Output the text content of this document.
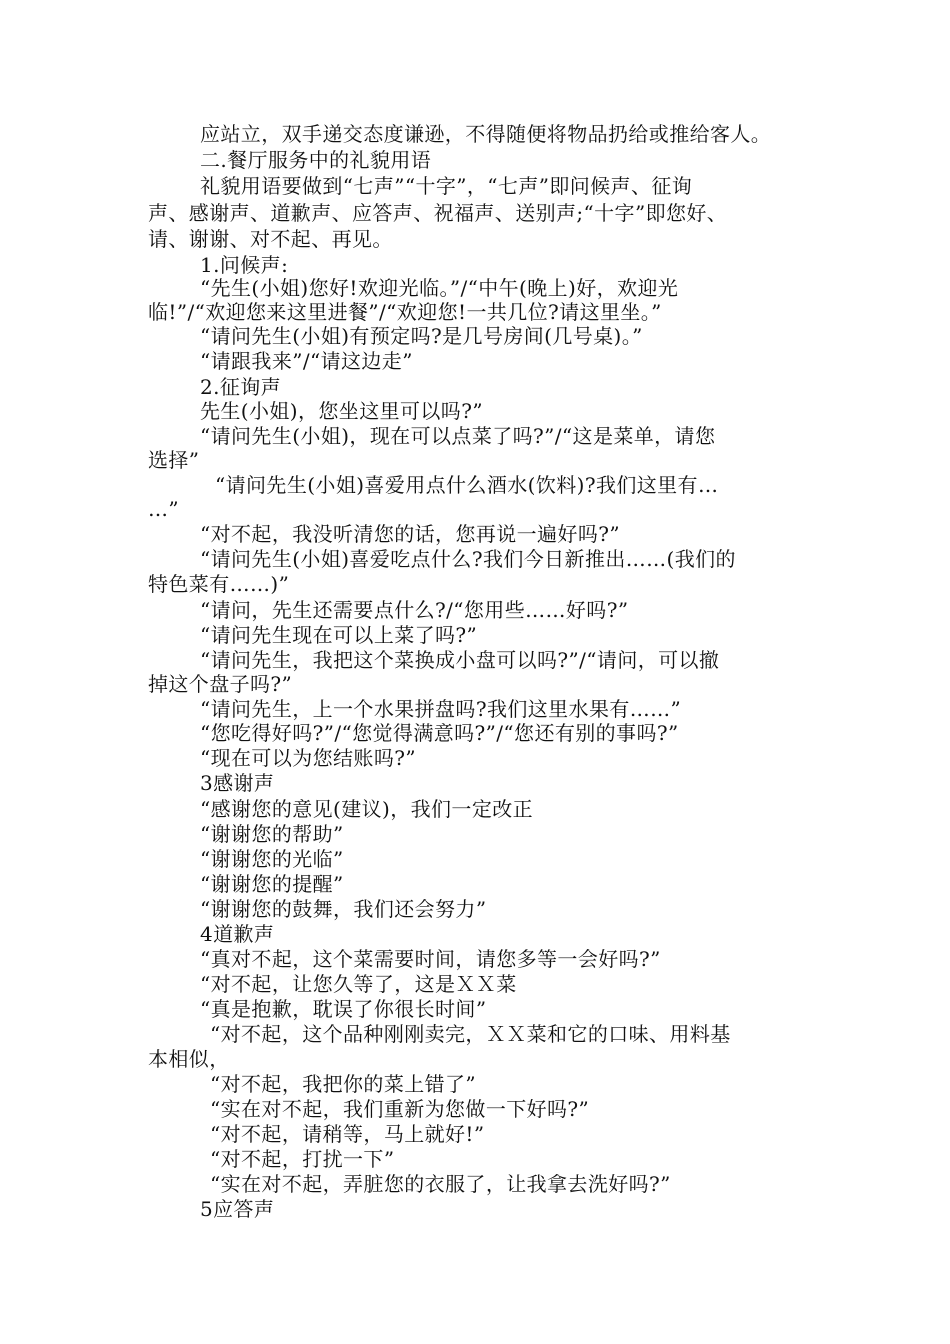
应站立，双手递交态度谦逊，不得随便将物品扔给或推给客人。
二.餐厅服务中的礼貌用语
礼貌用语要做到“七声”“十字”，“七声”即问候声、征询
声、感谢声、道歉声、应答声、祝福声、送别声;“十字”即您好、
请、谢谢、对不起、再见。
1.问候声:
“先生(小姐)您好!欢迎光临。”/“中午(晚上)好，欢迎光
临!”/“欢迎您来这里进餐”/“欢迎您!一共几位?请这里坐。”
“请问先生(小姐)有预定吗?是几号房间(几号桌)。”
“请跟我来”/“请这边走”
2.征询声
先生(小姐)，您坐这里可以吗?”
“请问先生(小姐)，现在可以点菜了吗?”/“这是菜单，请您
选择”
“请问先生(小姐)喜爱用点什么酒水(饮料)?我们这里有…
…”
“对不起，我没听清您的话，您再说一遍好吗?”
“请问先生(小姐)喜爱吃点什么?我们今日新推出……(我们的
特色菜有……)”
“请问，先生还需要点什么?/“您用些……好吗?”
“请问先生现在可以上菜了吗?”
“请问先生，我把这个菜换成小盘可以吗?”/“请问，可以撤
掉这个盘子吗?”
“请问先生，上一个水果拼盘吗?我们这里水果有……”
“您吃得好吗?”/“您觉得满意吗?”/“您还有别的事吗?”
“现在可以为您结账吗?”
3感谢声
“感谢您的意见(建议)，我们一定改正
“谢谢您的帮助”
“谢谢您的光临”
“谢谢您的提醒”
“谢谢您的鼓舞，我们还会努力”
4道歉声
“真对不起，这个菜需要时间，请您多等一会好吗?”
“对不起，让您久等了，这是ＸＸ菜
“真是抱歉，耽误了你很长时间”
“对不起，这个品种刚刚卖完，ＸＸ菜和它的口味、用料基
本相似，
“对不起，我把你的菜上错了”
“实在对不起，我们重新为您做一下好吗?”
“对不起，请稍等，马上就好!”
“对不起，打扰一下”
“实在对不起，弄脏您的衣服了，让我拿去洗好吗?”
5应答声
